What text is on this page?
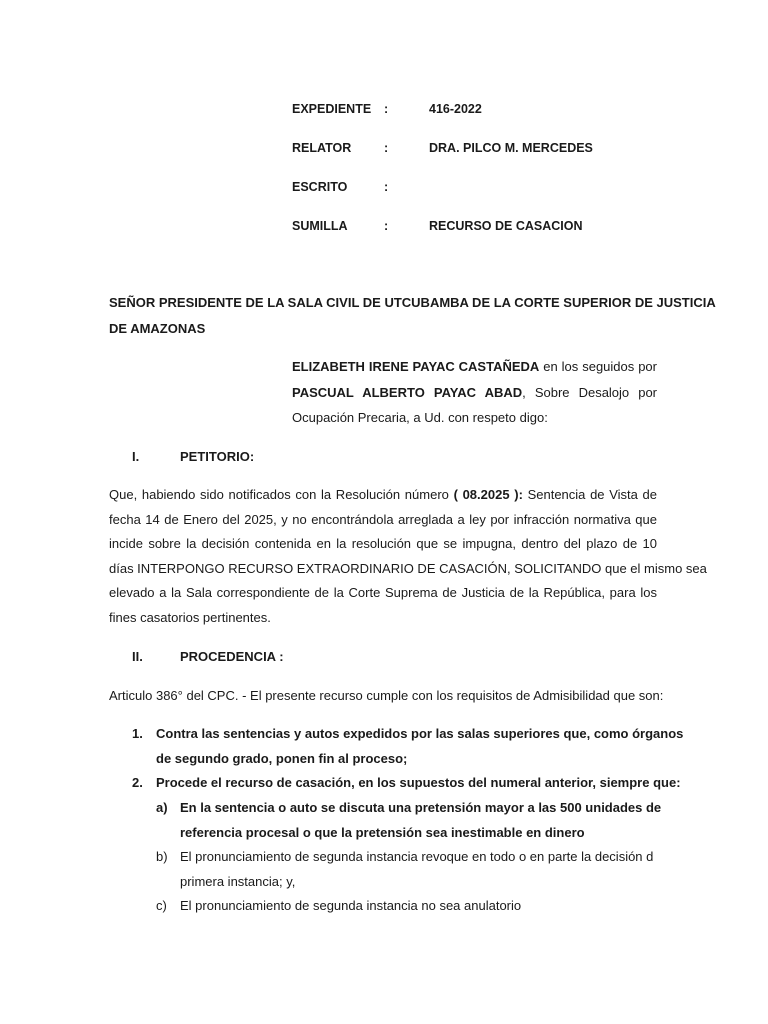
EXPEDIENTE	:	416-2022
RELATOR	:	DRA. PILCO M. MERCEDES
ESCRITO	:
SUMILLA	:	RECURSO DE CASACION
SEÑOR PRESIDENTE DE LA SALA CIVIL DE UTCUBAMBA DE LA CORTE SUPERIOR DE JUSTICIA
DE AMAZONAS
ELIZABETH IRENE PAYAC CASTAÑEDA en los seguidos por
PASCUAL ALBERTO PAYAC ABAD, Sobre Desalojo por
Ocupación Precaria, a Ud. con respeto digo:
I.	PETITORIO:
Que, habiendo sido notificados con la Resolución número ( 08.2025 ): Sentencia de Vista de
fecha 14 de Enero del 2025, y no encontrándola arreglada a ley por infracción normativa que
incide sobre la decisión contenida en la resolución que se impugna, dentro del plazo de 10
días INTERPONGO RECURSO EXTRAORDINARIO DE CASACIÓN, SOLICITANDO que el mismo sea
elevado a la Sala correspondiente de la Corte Suprema de Justicia de la República, para los
fines casatorios pertinentes.
II.	PROCEDENCIA :
Articulo 386° del CPC. - El presente recurso cumple con los requisitos de Admisibilidad que son:
1. Contra las sentencias y autos expedidos por las salas superiores que, como órganos
de segundo grado, ponen fin al proceso;
2. Procede el recurso de casación, en los supuestos del numeral anterior, siempre que:
a) En la sentencia o auto se discuta una pretensión mayor a las 500 unidades de
referencia procesal o que la pretensión sea inestimable en dinero
b) El pronunciamiento de segunda instancia revoque en todo o en parte la decisión d
primera instancia; y,
c) El pronunciamiento de segunda instancia no sea anulatorio
